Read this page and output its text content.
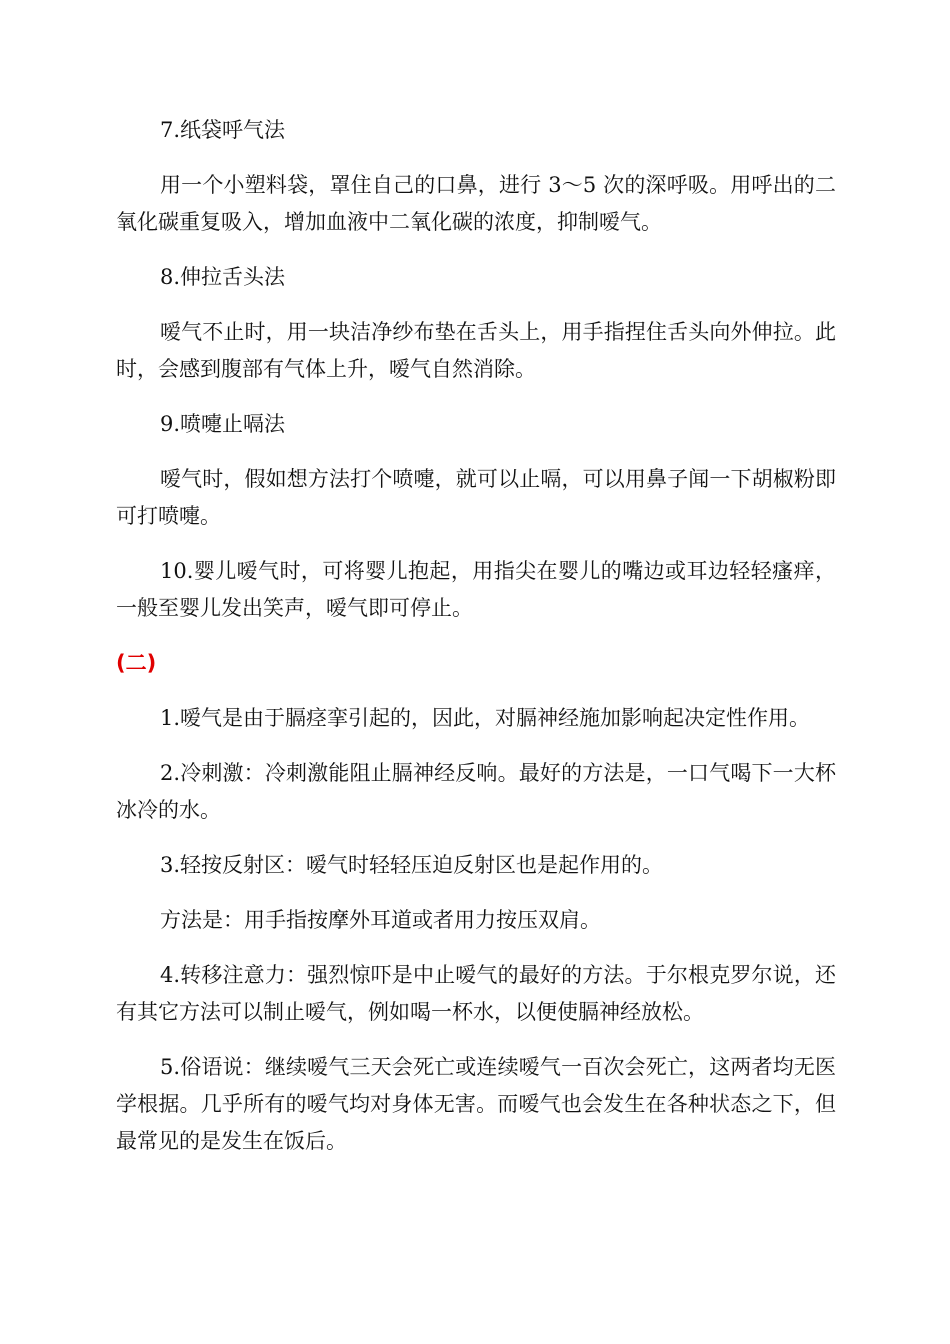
7.纸袋呼气法

用一个小塑料袋，罩住自己的口鼻，进行 3～5 次的深呼吸。用呼出的二氧化碳重复吸入，增加血液中二氧化碳的浓度，抑制嗳气。

8.伸拉舌头法

嗳气不止时，用一块洁净纱布垫在舌头上，用手指捏住舌头向外伸拉。此时，会感到腹部有气体上升，嗳气自然消除。

9.喷嚏止嗝法

嗳气时，假如想方法打个喷嚏，就可以止嗝，可以用鼻子闻一下胡椒粉即可打喷嚏。

10.婴儿嗳气时，可将婴儿抱起，用指尖在婴儿的嘴边或耳边轻轻瘙痒，一般至婴儿发出笑声，嗳气即可停止。

(二)

1.嗳气是由于膈痉挛引起的，因此，对膈神经施加影响起决定性作用。

2.冷刺激：冷刺激能阻止膈神经反响。最好的方法是，一口气喝下一大杯冰冷的水。

3.轻按反射区：嗳气时轻轻压迫反射区也是起作用的。

方法是：用手指按摩外耳道或者用力按压双肩。

4.转移注意力：强烈惊吓是中止嗳气的最好的方法。于尔根克罗尔说，还有其它方法可以制止嗳气，例如喝一杯水，以便使膈神经放松。

5.俗语说：继续嗳气三天会死亡或连续嗳气一百次会死亡，这两者均无医学根据。几乎所有的嗳气均对身体无害。而嗳气也会发生在各种状态之下，但最常见的是发生在饭后。
